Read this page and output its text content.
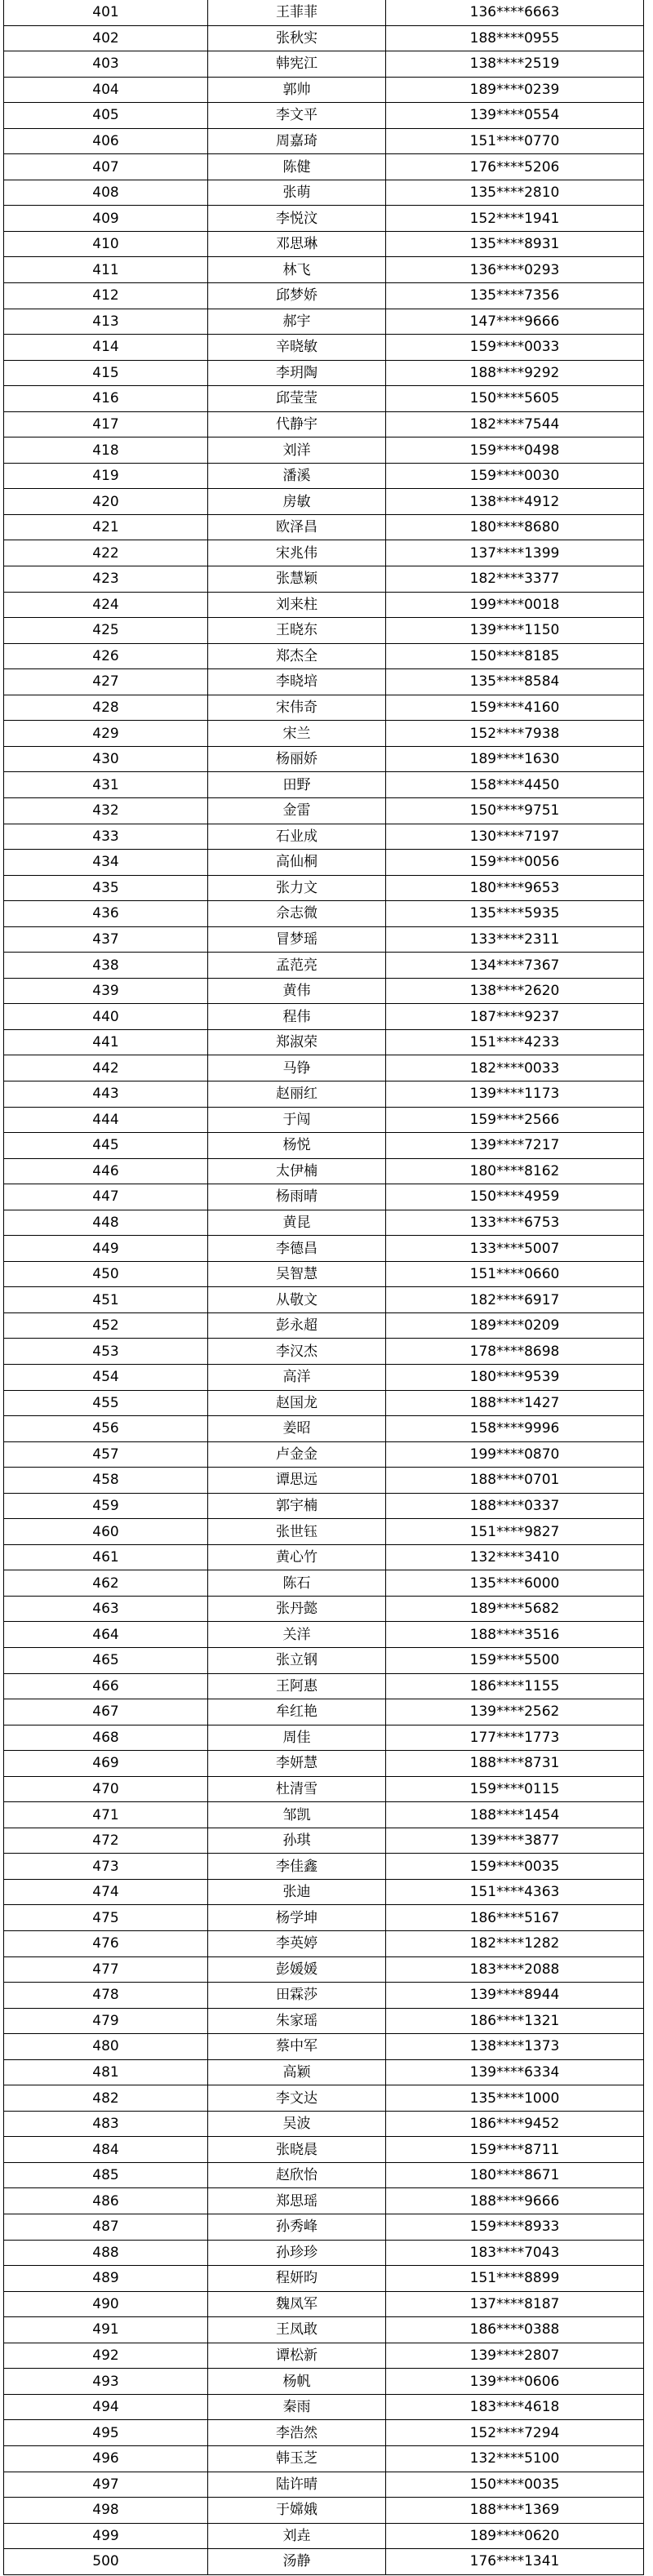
401	王菲菲	136****6663
402	张秋实	188****0955
403	韩宪江	138****2519
404	郭帅	189****0239
405	李文平	139****0554
406	周嘉琦	151****0770
407	陈健	176****5206
408	张萌	135****2810
409	李悦汶	152****1941
410	邓思琳	135****8931
411	林飞	136****0293
412	邱梦娇	135****7356
413	郝宇	147****9666
414	辛晓敏	159****0033
415	李玥陶	188****9292
416	邱莹莹	150****5605
417	代静宇	182****7544
418	刘洋	159****0498
419	潘溪	159****0030
420	房敏	138****4912
421	欧泽昌	180****8680
422	宋兆伟	137****1399
423	张慧颖	182****3377
424	刘来柱	199****0018
425	王晓东	139****1150
426	郑杰全	150****8185
427	李晓培	135****8584
428	宋伟奇	159****4160
429	宋兰	152****7938
430	杨丽娇	189****1630
431	田野	158****4450
432	金雷	150****9751
433	石业成	130****7197
434	高仙桐	159****0056
435	张力文	180****9653
436	佘志微	135****5935
437	冒梦瑶	133****2311
438	孟范亮	134****7367
439	黄伟	138****2620
440	程伟	187****9237
441	郑淑荣	151****4233
442	马铮	182****0033
443	赵丽红	139****1173
444	于闯	159****2566
445	杨悦	139****7217
446	太伊楠	180****8162
447	杨雨晴	150****4959
448	黄昆	133****6753
449	李德昌	133****5007
450	吴智慧	151****0660
451	从敬文	182****6917
452	彭永超	189****0209
453	李汉杰	178****8698
454	高洋	180****9539
455	赵国龙	188****1427
456	姜昭	158****9996
457	卢金金	199****0870
458	谭思远	188****0701
459	郭宇楠	188****0337
460	张世钰	151****9827
461	黄心竹	132****3410
462	陈石	135****6000
463	张丹懿	189****5682
464	关洋	188****3516
465	张立钢	159****5500
466	王阿惠	186****1155
467	牟红艳	139****2562
468	周佳	177****1773
469	李妍慧	188****8731
470	杜清雪	159****0115
471	邹凯	188****1454
472	孙琪	139****3877
473	李佳鑫	159****0035
474	张迪	151****4363
475	杨学坤	186****5167
476	李英婷	182****1282
477	彭媛媛	183****2088
478	田霖莎	139****8944
479	朱家瑶	186****1321
480	蔡中军	138****1373
481	高颖	139****6334
482	李文达	135****1000
483	吴波	186****9452
484	张晓晨	159****8711
485	赵欣怡	180****8671
486	郑思瑶	188****9666
487	孙秀峰	159****8933
488	孙珍珍	183****7043
489	程妍昀	151****8899
490	魏凤军	137****8187
491	王凤敢	186****0388
492	谭松新	139****2807
493	杨帆	139****0606
494	秦雨	183****4618
495	李浩然	152****7294
496	韩玉芝	132****5100
497	陆许晴	150****0035
498	于嫦娥	188****1369
499	刘垚	189****0620
500	汤静	176****1341
